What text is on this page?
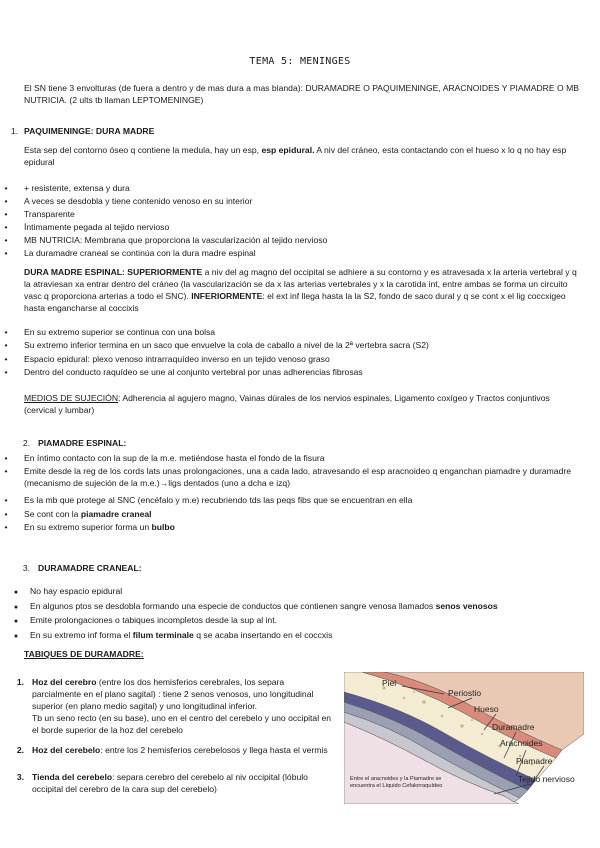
TEMA 5: MENINGES
El SN tiene 3 envolturas (de fuera a dentro y de mas dura a mas blanda): DURAMADRE O PAQUIMENINGE, ARACNOIDES Y PIAMADRE O MB NUTRICIA. (2 ults tb llaman LEPTOMENINGE)
1. PAQUIMENINGE: DURA MADRE
Esta sep del contorno óseo q contiene la medula, hay un esp, esp epidural. A niv del cráneo, esta contactando con el hueso x lo q no hay esp epidural
•
+ resistente, extensa y dura
•
A veces se desdobla y tiene contenido venoso en su interior
•
Transparente
•
Íntimamente pegada al tejido nervioso
•
MB NUTRICIA: Membrana que proporciona la vascularización al tejido nervioso
•
La duramadre craneal se continúa con la dura madre espinal
DURA MADRE ESPINAL: SUPERIORMENTE a niv del ag magno del occipital se adhiere a su contorno y es atravesada x la arteria vertebral y q la atraviesan xa entrar dentro del cráneo (la vascularización se da x las arterias vertebrales y x la carotida int, entre ambas se forma un circuito vasc q proporciona arterias a todo el SNC). INFERIORMENTE: el ext inf llega hasta la la S2, fondo de saco dural y q se cont x el lig coccxigeo hasta engancharse al coccixis
•
En su extremo superior se continua con una bolsa
•
Su extremo inferior termina en un saco que envuelve la cola de caballo a nivel de la 2ª vertebra sacra (S2)
•
Espacio epidural: plexo venoso intrarraquídeo inverso en un tejido venoso graso
•
Dentro del conducto raquídeo se une al conjunto vertebral por unas adherencias fibrosas
MEDIOS DE SUJECIÓN: Adherencia al agujero magno, Vainas dúrales de los nervios espinales, Ligamento coxígeo y Tractos conjuntivos (cervical y lumbar)
2. PIAMADRE ESPINAL:
•
En íntimo contacto con la sup de la m.e. metiéndose hasta el fondo de la fisura
•
Emite desde la reg de los cords lats unas prolongaciones, una a cada lado, atravesando el esp aracnoideo q enganchan piamadre y duramadre (mecanismo de sujeción de la m.e.)→ligs dentados (uno a dcha e izq)
•
Es la mb que protege al SNC (encéfalo y m.e) recubriendo tds las peqs fibs que se encuentran en ella
•
Se cont con la piamadre craneal
•
En su extremo superior forma un bulbo
3. DURAMADRE CRANEAL:
●
No hay espacio epidural
●
En algunos ptos se desdobla formando una especie de conductos que contienen sangre venosa llamados senos venosos
●
Emite prolongaciones o tabiques incompletos desde la sup al int.
●
En su extremo inf forma el filum terminale q se acaba insertando en el coccxis
TABIQUES DE DURAMADRE:
1. Hoz del cerebro (entre los dos hemisferios cerebrales, los separa parcialmente en el plano sagital) : tiene 2 senos venosos, uno longitudinal superior (en plano medio sagital) y uno longitudinal inferior.
Tb un seno recto (en su base), uno en el centro del cerebelo y uno occipital en el borde superior de la hoz del cerebelo
2. Hoz del cerebelo: entre los 2 hemisferios cerebelosos y llega hasta el vermis
3. Tienda del cerebelo: separa cerebro del cerebelo al niv occipital (lóbulo occipital del cerebro de la cara sup del cerebelo)
Piel
Periostio
Hueso
Duramadre
Aracnoides
Piamadre
Tejido nervioso
Entre el aracnoides y la Piamadre se encuentra el Líquido Cefalorraquídeo
